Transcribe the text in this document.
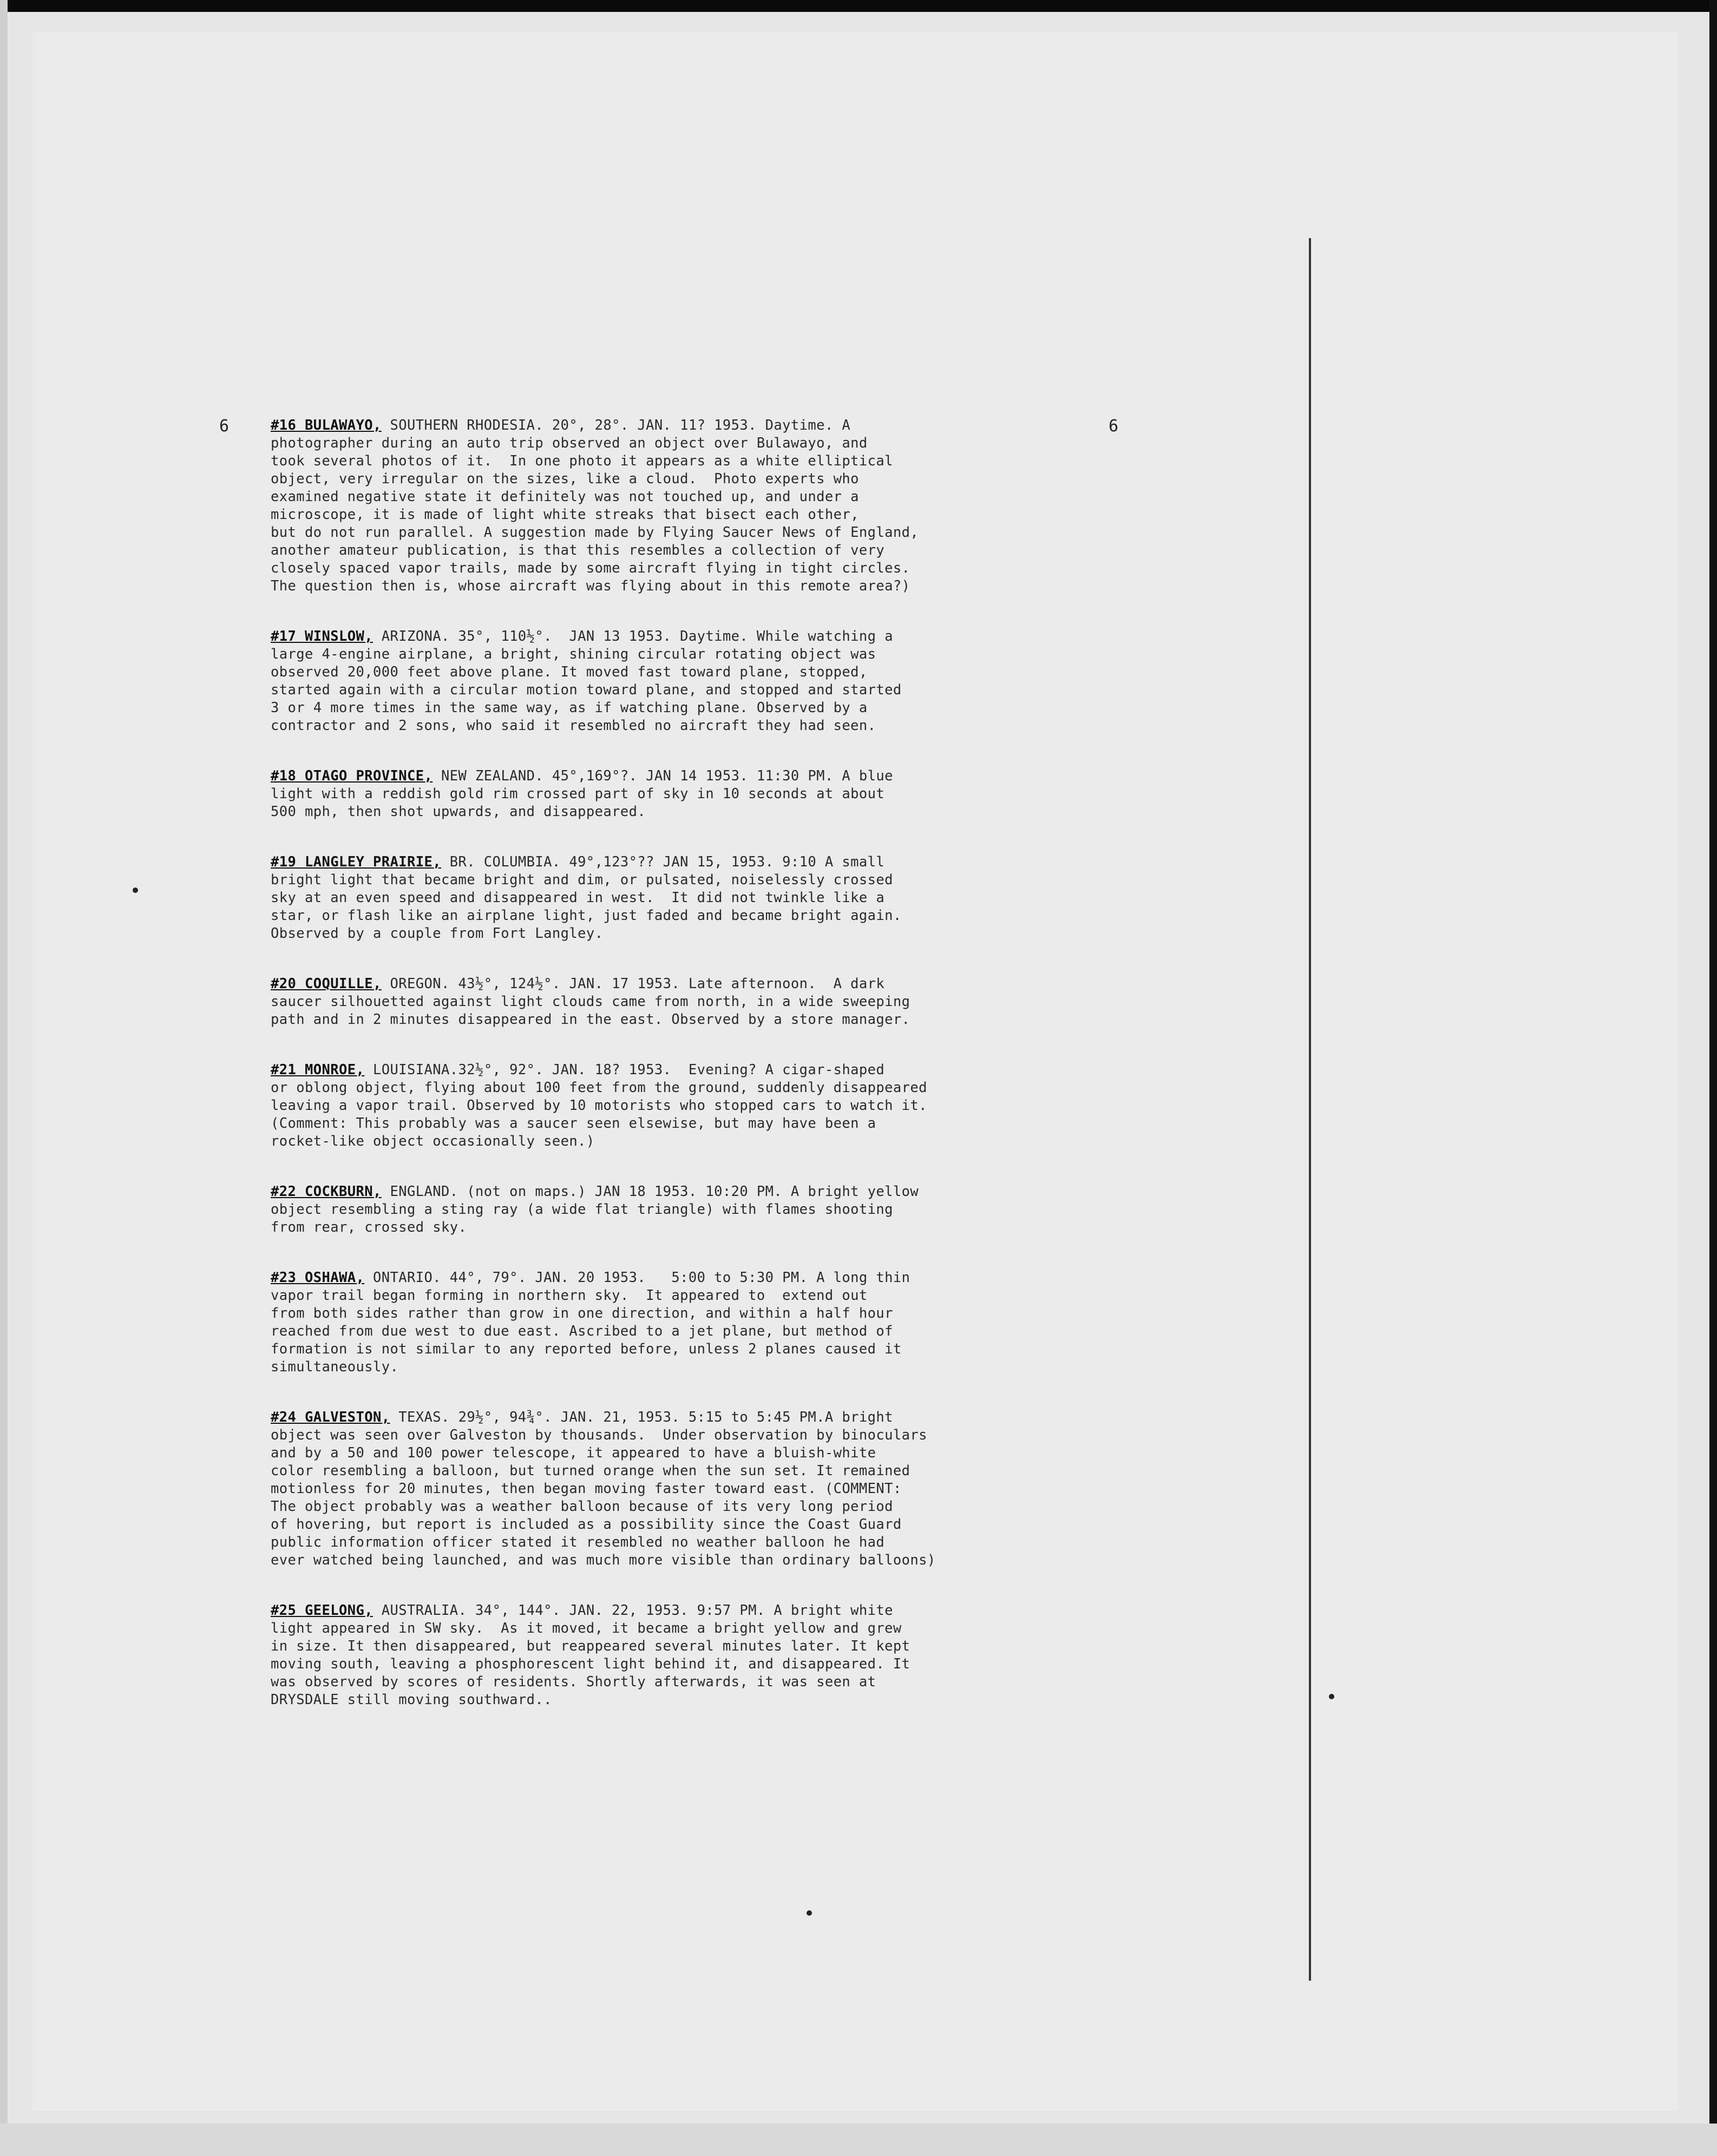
6	6

#16 BULAWAYO, SOUTHERN RHODESIA. 20°, 28°. JAN. 11? 1953. Daytime. A
photographer during an auto trip observed an object over Bulawayo, and
took several photos of it.  In one photo it appears as a white elliptical
object, very irregular on the sizes, like a cloud.  Photo experts who
examined negative state it definitely was not touched up, and under a
microscope, it is made of light white streaks that bisect each other,
but do not run parallel. A suggestion made by Flying Saucer News of England,
another amateur publication, is that this resembles a collection of very
closely spaced vapor trails, made by some aircraft flying in tight circles.
The question then is, whose aircraft was flying about in this remote area?)

#17 WINSLOW, ARIZONA. 35°, 110½°.  JAN 13 1953. Daytime. While watching a
large 4-engine airplane, a bright, shining circular rotating object was
observed 20,000 feet above plane. It moved fast toward plane, stopped,
started again with a circular motion toward plane, and stopped and started
3 or 4 more times in the same way, as if watching plane. Observed by a
contractor and 2 sons, who said it resembled no aircraft they had seen.

#18 OTAGO PROVINCE, NEW ZEALAND. 45°,169°?. JAN 14 1953. 11:30 PM. A blue
light with a reddish gold rim crossed part of sky in 10 seconds at about
500 mph, then shot upwards, and disappeared.

#19 LANGLEY PRAIRIE, BR. COLUMBIA. 49°,123°?? JAN 15, 1953. 9:10 A small
bright light that became bright and dim, or pulsated, noiselessly crossed
sky at an even speed and disappeared in west.  It did not twinkle like a
star, or flash like an airplane light, just faded and became bright again.
Observed by a couple from Fort Langley.

#20 COQUILLE, OREGON. 43½°, 124½°. JAN. 17 1953. Late afternoon.  A dark
saucer silhouetted against light clouds came from north, in a wide sweeping
path and in 2 minutes disappeared in the east. Observed by a store manager.

#21 MONROE, LOUISIANA.32½°, 92°. JAN. 18? 1953.  Evening? A cigar-shaped
or oblong object, flying about 100 feet from the ground, suddenly disappeared
leaving a vapor trail. Observed by 10 motorists who stopped cars to watch it.
(Comment: This probably was a saucer seen elsewise, but may have been a
rocket-like object occasionally seen.)

#22 COCKBURN, ENGLAND. (not on maps.) JAN 18 1953. 10:20 PM. A bright yellow
object resembling a sting ray (a wide flat triangle) with flames shooting
from rear, crossed sky.

#23 OSHAWA, ONTARIO. 44°, 79°. JAN. 20 1953.   5:00 to 5:30 PM. A long thin
vapor trail began forming in northern sky.  It appeared to  extend out
from both sides rather than grow in one direction, and within a half hour
reached from due west to due east. Ascribed to a jet plane, but method of
formation is not similar to any reported before, unless 2 planes caused it
simultaneously.

#24 GALVESTON, TEXAS. 29½°, 94¾°. JAN. 21, 1953. 5:15 to 5:45 PM.A bright
object was seen over Galveston by thousands.  Under observation by binoculars
and by a 50 and 100 power telescope, it appeared to have a bluish-white
color resembling a balloon, but turned orange when the sun set. It remained
motionless for 20 minutes, then began moving faster toward east. (COMMENT:
The object probably was a weather balloon because of its very long period
of hovering, but report is included as a possibility since the Coast Guard
public information officer stated it resembled no weather balloon he had
ever watched being launched, and was much more visible than ordinary balloons)

#25 GEELONG, AUSTRALIA. 34°, 144°. JAN. 22, 1953. 9:57 PM. A bright white
light appeared in SW sky.  As it moved, it became a bright yellow and grew
in size. It then disappeared, but reappeared several minutes later. It kept
moving south, leaving a phosphorescent light behind it, and disappeared. It
was observed by scores of residents. Shortly afterwards, it was seen at
DRYSDALE still moving southward..
